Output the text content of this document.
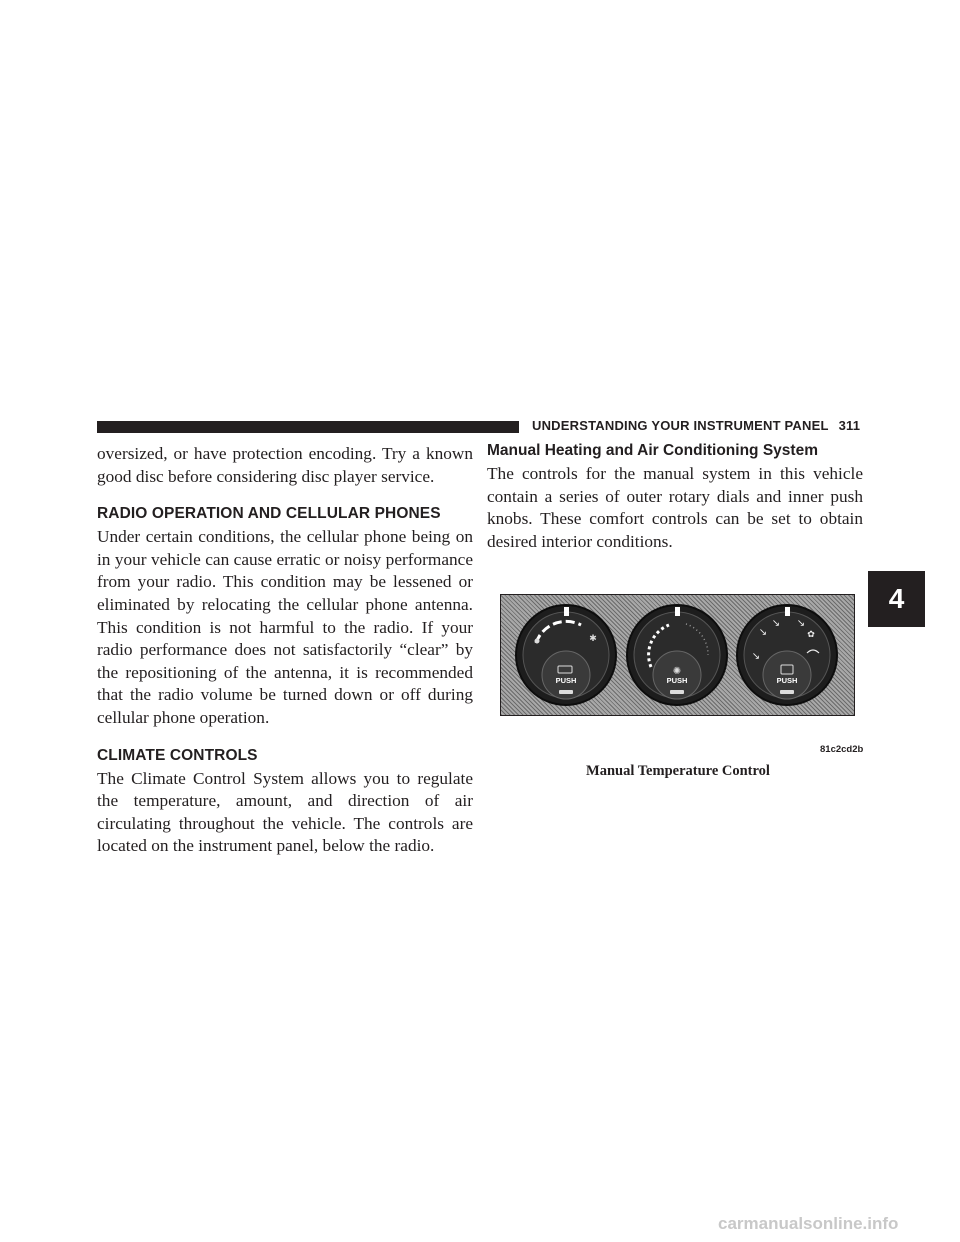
UNDERSTANDING YOUR INSTRUMENT PANEL 311

oversized, or have protection encoding. Try a known good disc before considering disc player service.

RADIO OPERATION AND CELLULAR PHONES

Under certain conditions, the cellular phone being on in your vehicle can cause erratic or noisy performance from your radio. This condition may be lessened or eliminated by relocating the cellular phone antenna. This condition is not harmful to the radio. If your radio performance does not satisfactorily “clear” by the repositioning of the antenna, it is recommended that the radio volume be turned down or off during cellular phone operation.

CLIMATE CONTROLS

The Climate Control System allows you to regulate the temperature, amount, and direction of air circulating throughout the vehicle. The controls are located on the instrument panel, below the radio.

Manual Heating and Air Conditioning System

The controls for the manual system in this vehicle contain a series of outer rotary dials and inner push knobs. These comfort controls can be set to obtain desired interior conditions.

4
✱
PUSH
✺
PUSH
↘
↘ ↘
↘
✿
PUSH
81c2cd2b
Manual Temperature Control
carmanualsonline.info
